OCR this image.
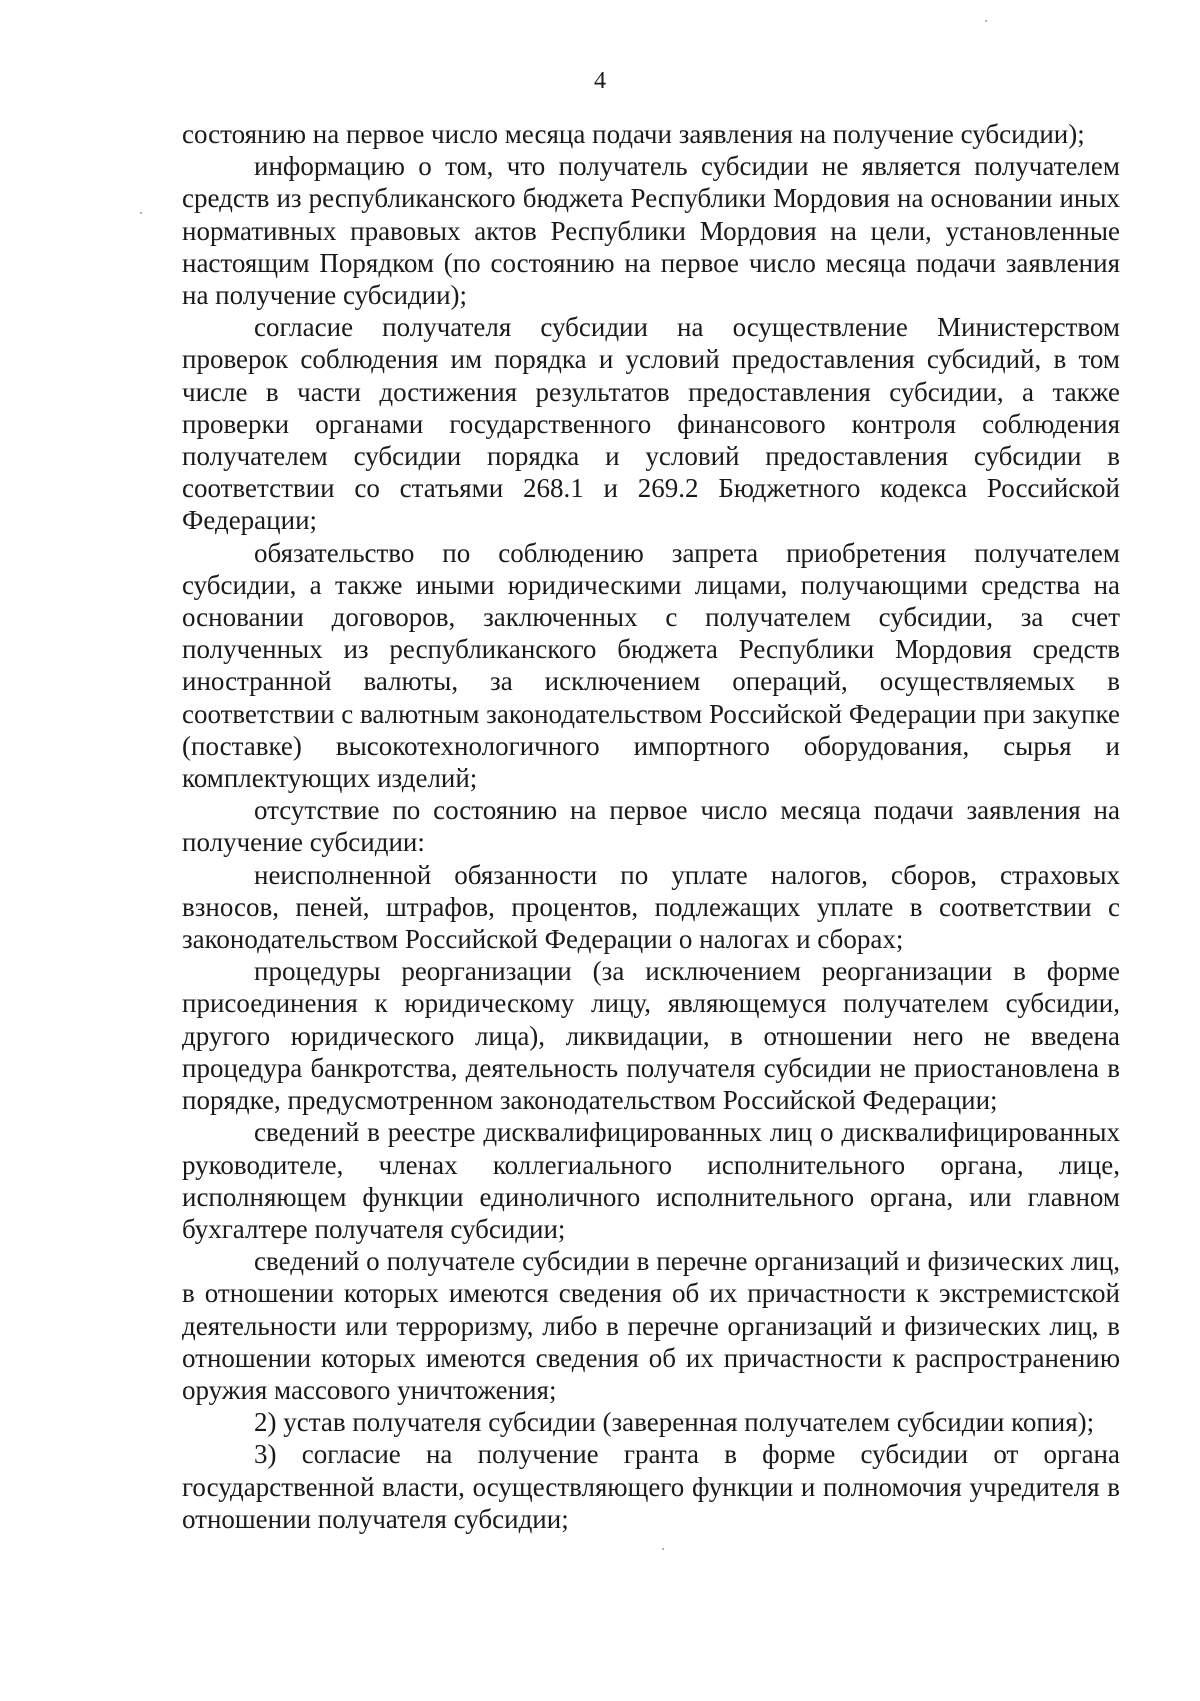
4

состоянию на первое число месяца подачи заявления на получение субсидии);

информацию о том, что получатель субсидии не является получателем средств из республиканского бюджета Республики Мордовия на основании иных нормативных правовых актов Республики Мордовия на цели, установленные настоящим Порядком (по состоянию на первое число месяца подачи заявления на получение субсидии);

согласие получателя субсидии на осуществление Министерством проверок соблюдения им порядка и условий предоставления субсидий, в том числе в части достижения результатов предоставления субсидии, а также проверки органами государственного финансового контроля соблюдения получателем субсидии порядка и условий предоставления субсидии в соответствии со статьями 268.1 и 269.2 Бюджетного кодекса Российской Федерации;

обязательство по соблюдению запрета приобретения получателем субсидии, а также иными юридическими лицами, получающими средства на основании договоров, заключенных с получателем субсидии, за счет полученных из республиканского бюджета Республики Мордовия средств иностранной валюты, за исключением операций, осуществляемых в соответствии с валютным законодательством Российской Федерации при закупке (поставке) высокотехнологичного импортного оборудования, сырья и комплектующих изделий;

отсутствие по состоянию на первое число месяца подачи заявления на получение субсидии:

неисполненной обязанности по уплате налогов, сборов, страховых взносов, пеней, штрафов, процентов, подлежащих уплате в соответствии с законодательством Российской Федерации о налогах и сборах;

процедуры реорганизации (за исключением реорганизации в форме присоединения к юридическому лицу, являющемуся получателем субсидии, другого юридического лица), ликвидации, в отношении него не введена процедура банкротства, деятельность получателя субсидии не приостановлена в порядке, предусмотренном законодательством Российской Федерации;

сведений в реестре дисквалифицированных лиц о дисквалифицированных руководителе, членах коллегиального исполнительного органа, лице, исполняющем функции единоличного исполнительного органа, или главном бухгалтере получателя субсидии;

сведений о получателе субсидии в перечне организаций и физических лиц, в отношении которых имеются сведения об их причастности к экстремистской деятельности или терроризму, либо в перечне организаций и физических лиц, в отношении которых имеются сведения об их причастности к распространению оружия массового уничтожения;

2) устав получателя субсидии (заверенная получателем субсидии копия);

3) согласие на получение гранта в форме субсидии от органа государственной власти, осуществляющего функции и полномочия учредителя в отношении получателя субсидии;
